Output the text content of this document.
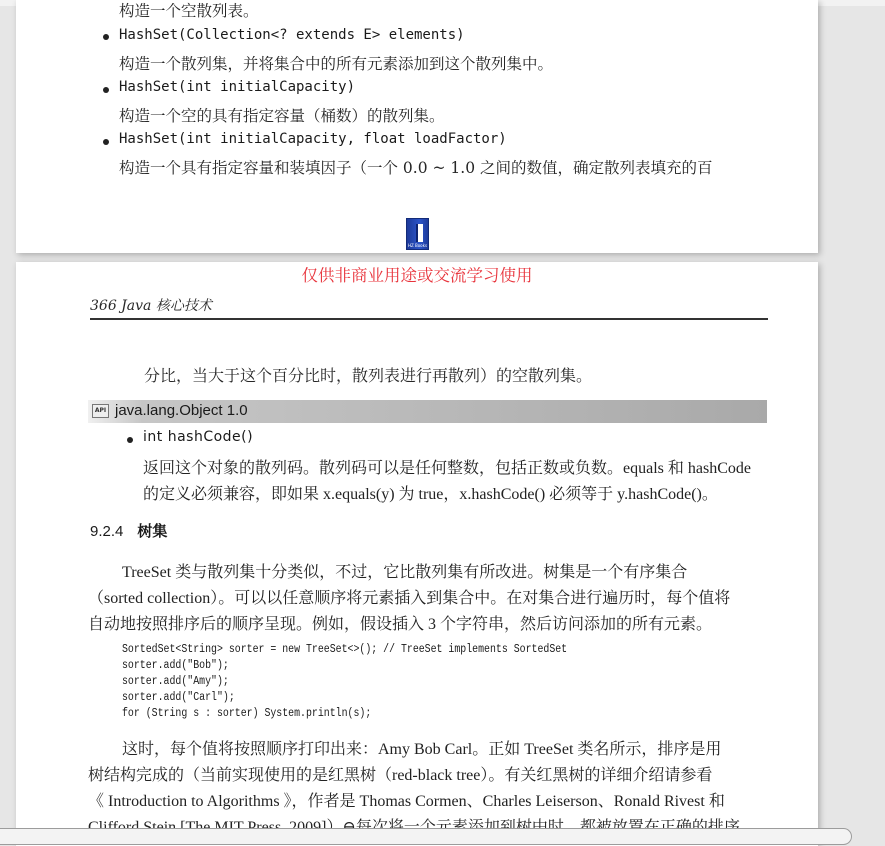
构造一个空散列表。
HashSet(Collection<? extends E> elements)
构造一个散列集，并将集合中的所有元素添加到这个散列集中。
HashSet(int initialCapacity)
构造一个空的具有指定容量（桶数）的散列集。
HashSet(int initialCapacity, float loadFactor)
构造一个具有指定容量和装填因子（一个 0.0 ~ 1.0 之间的数值，确定散列表填充的百
HZ Books
仅供非商业用途或交流学习使用
366 Java 核心技术
分比，当大于这个百分比时，散列表进行再散列）的空散列集。
API java.lang.Object 1.0
int hashCode()
返回这个对象的散列码。散列码可以是任何整数，包括正数或负数。equals 和 hashCode
的定义必须兼容，即如果 x.equals(y) 为 true，x.hashCode() 必须等于 y.hashCode()。
9.2.4 树集
TreeSet 类与散列集十分类似，不过，它比散列集有所改进。树集是一个有序集合
（sorted collection）。可以以任意顺序将元素插入到集合中。在对集合进行遍历时，每个值将
自动地按照排序后的顺序呈现。例如，假设插入 3 个字符串，然后访问添加的所有元素。
SortedSet<String> sorter = new TreeSet<>(); // TreeSet implements SortedSet
sorter.add("Bob");
sorter.add("Amy");
sorter.add("Carl");
for (String s : sorter) System.println(s);
这时，每个值将按照顺序打印出来：Amy Bob Carl。正如 TreeSet 类名所示，排序是用
树结构完成的（当前实现使用的是红黑树（red-black tree）。有关红黑树的详细介绍请参看
《 Introduction to Algorithms 》，作者是 Thomas Cormen、Charles Leiserson、Ronald Rivest 和
